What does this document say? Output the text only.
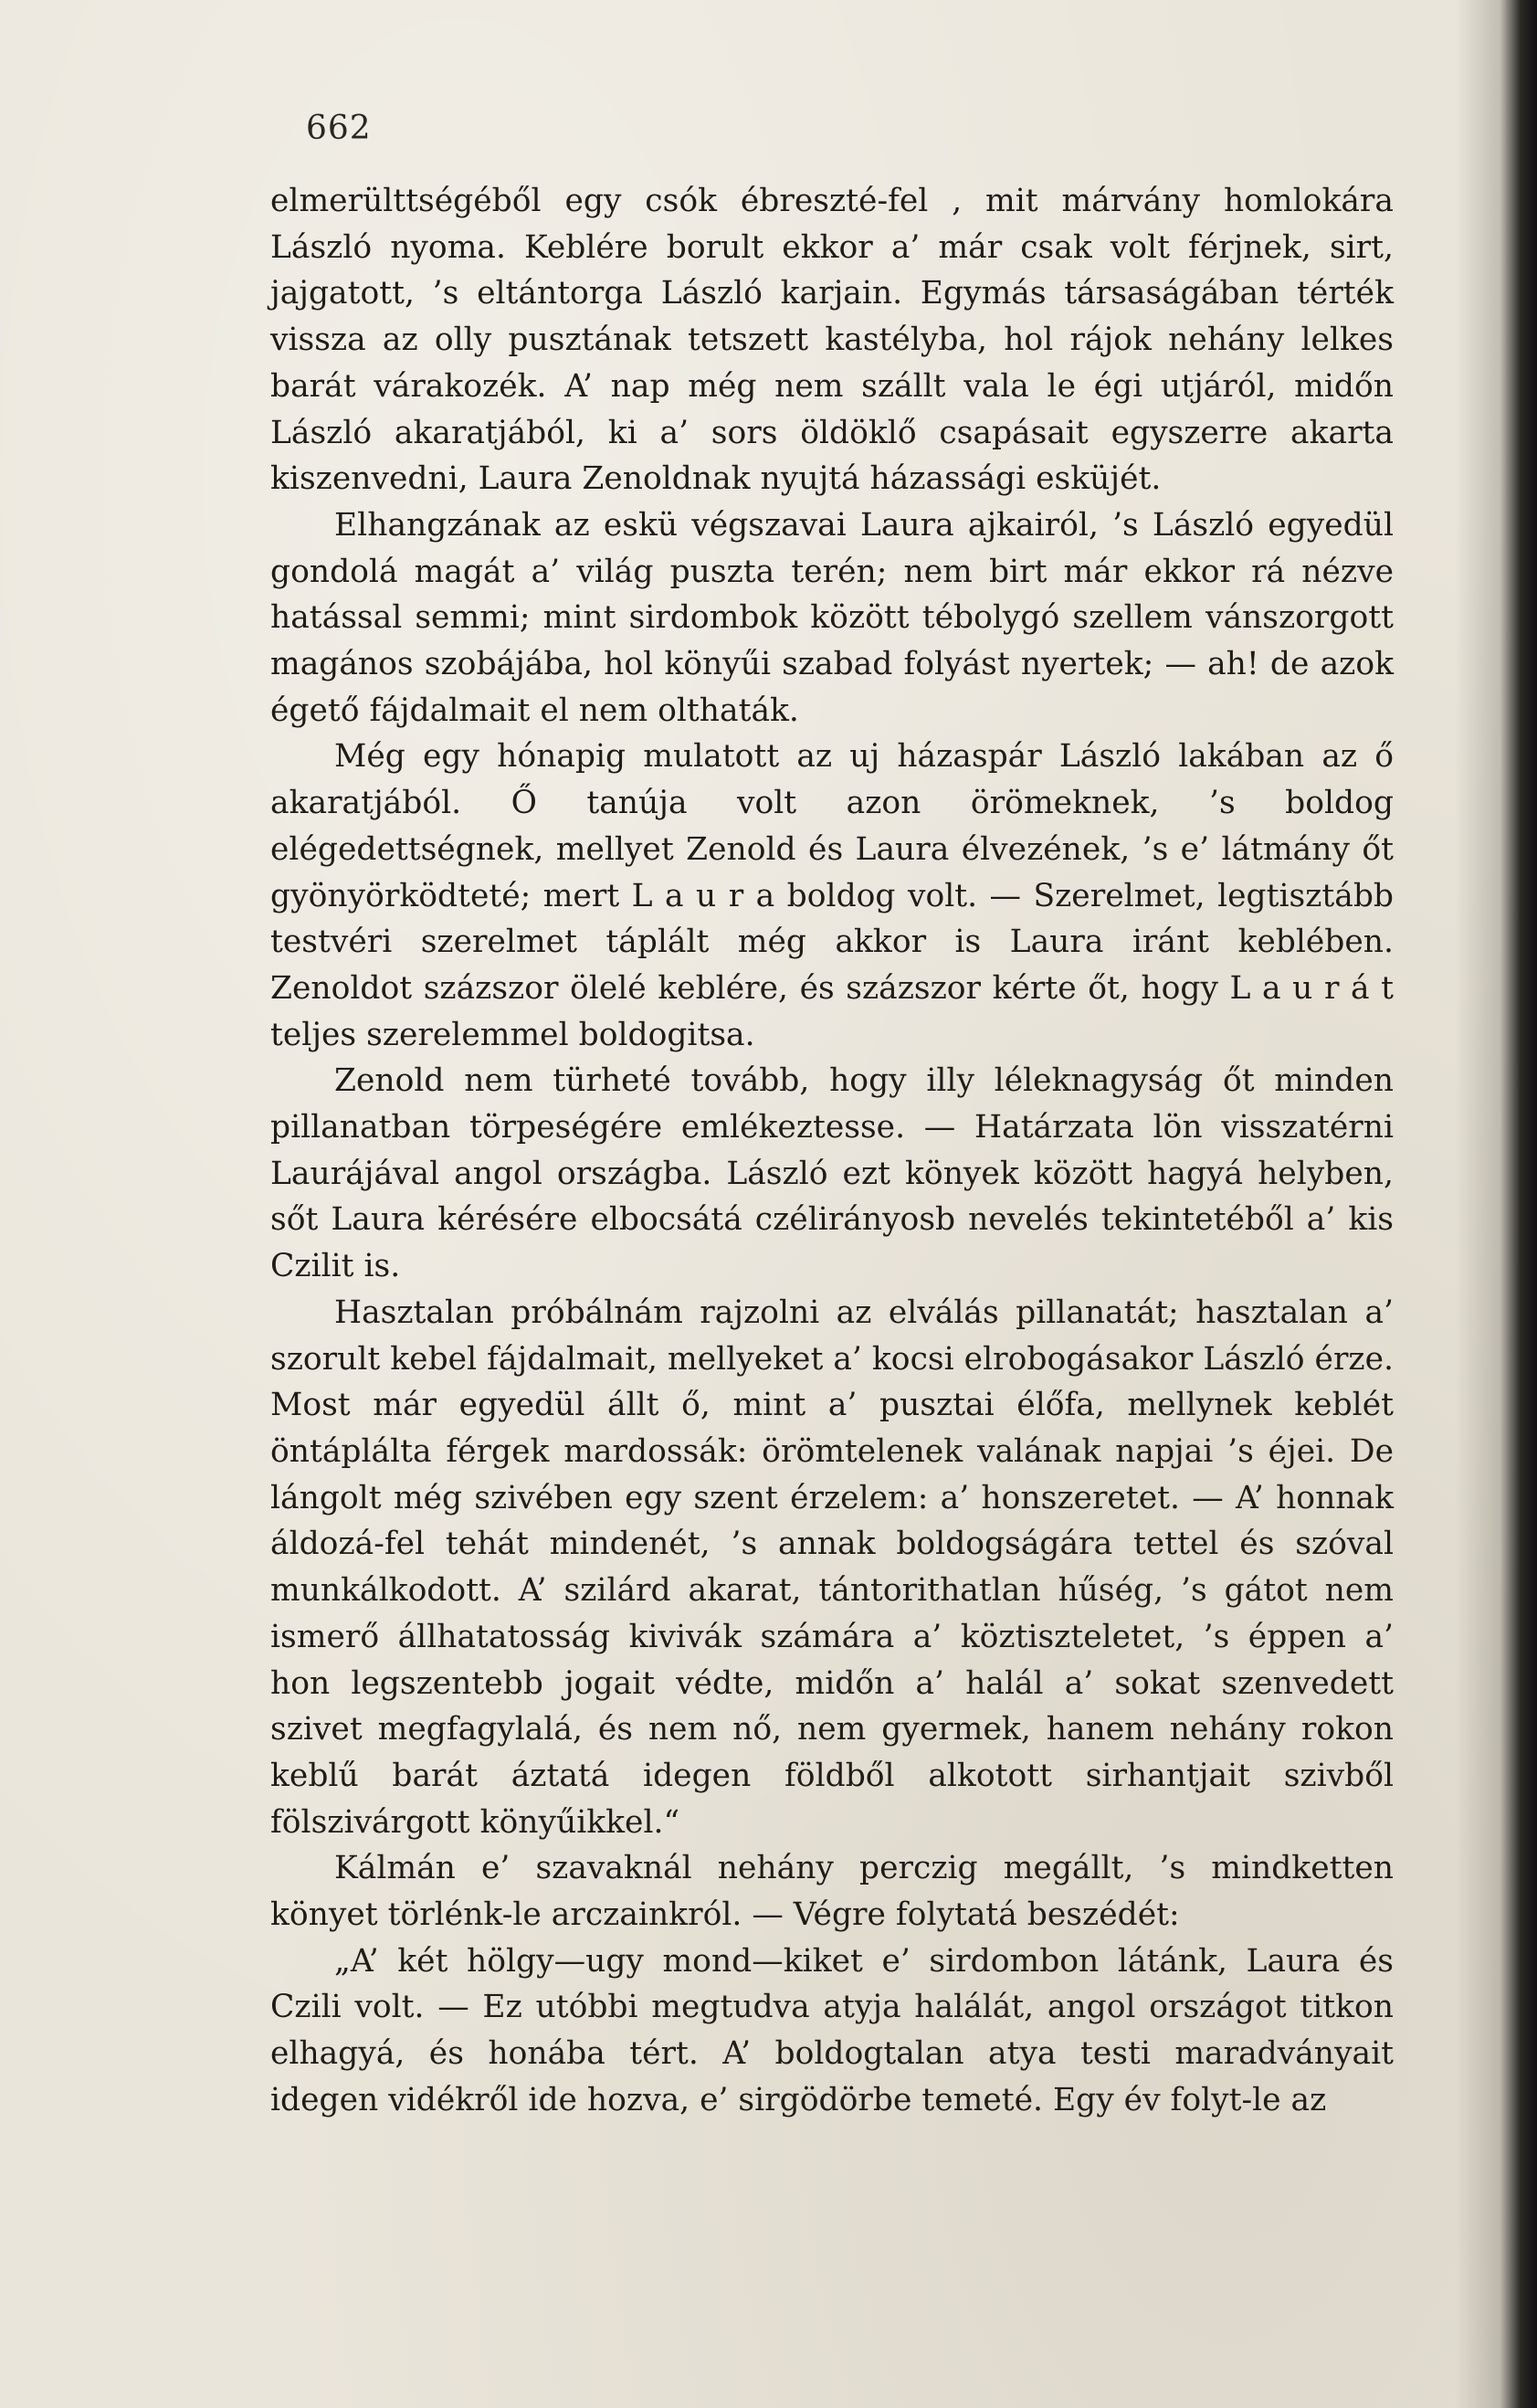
662

elmerülttségéből egy csók ébreszté-fel , mit márvány homlokára László nyoma. Keblére borult ekkor a’ már csak volt férjnek, sirt, jajgatott, ’s eltántorga László karjain. Egymás társaságában térték vissza az olly pusztának tetszett kastélyba, hol rájok nehány lelkes barát várakozék. A’ nap még nem szállt vala le égi utjáról, midőn László akaratjából, ki a’ sors öldöklő csapásait egyszerre akarta kiszenvedni, Laura Zenoldnak nyujtá házassági esküjét.

Elhangzának az eskü végszavai Laura ajkairól, ’s László egyedül gondolá magát a’ világ puszta terén; nem birt már ekkor rá nézve hatással semmi; mint sirdombok között tébolygó szellem vánszorgott magános szobájába, hol könyűi szabad folyást nyertek; — ah! de azok égető fájdalmait el nem olthaták.

Még egy hónapig mulatott az uj házaspár László lakában az ő akaratjából. Ő tanúja volt azon örömeknek, ’s boldog elégedettségnek, mellyet Zenold és Laura élvezének, ’s e’ látmány őt gyönyörködteté; mert L a u r a boldog volt. — Szerelmet, legtisztább testvéri szerelmet táplált még akkor is Laura iránt keblében. Zenoldot százszor ölelé keblére, és százszor kérte őt, hogy L a u r á t teljes szerelemmel boldogitsa.

Zenold nem türheté tovább, hogy illy léleknagyság őt minden pillanatban törpeségére emlékeztesse. — Határzata lön visszatérni Laurájával angol országba. László ezt könyek között hagyá helyben, sőt Laura kérésére elbocsátá czélirányosb nevelés tekintetéből a’ kis Czilit is.

Hasztalan próbálnám rajzolni az elválás pillanatát; hasztalan a’ szorult kebel fájdalmait, mellyeket a’ kocsi elrobogásakor László érze. Most már egyedül állt ő, mint a’ pusztai élőfa, mellynek keblét öntáplálta férgek mardossák: örömtelenek valának napjai ’s éjei. De lángolt még szivében egy szent érzelem: a’ honszeretet. — A’ honnak áldozá-fel tehát mindenét, ’s annak boldogságára tettel és szóval munkálkodott. A’ szilárd akarat, tántorithatlan hűség, ’s gátot nem ismerő állhatatosság kivivák számára a’ köztiszteletet, ’s éppen a’ hon legszentebb jogait védte, midőn a’ halál a’ sokat szenvedett szivet megfagylalá, és nem nő, nem gyermek, hanem nehány rokon keblű barát áztatá idegen földből alkotott sirhantjait szivből fölszivárgott könyűikkel.“

Kálmán e’ szavaknál nehány perczig megállt, ’s mindketten könyet törlénk-le arczainkról. — Végre folytatá beszédét:

„A’ két hölgy—ugy mond—kiket e’ sirdombon látánk, Laura és Czili volt. — Ez utóbbi megtudva atyja halálát, angol országot titkon elhagyá, és honába tért. A’ boldogtalan atya testi maradványait idegen vidékről ide hozva, e’ sirgödörbe temeté. Egy év folyt-le az
